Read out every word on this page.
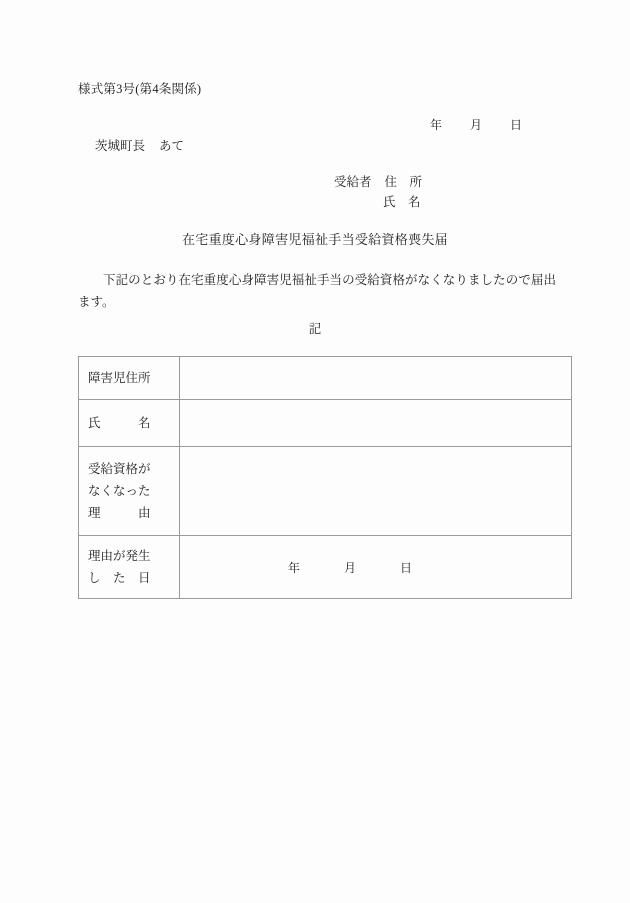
様式第3号(第4条関係)
年 月 日
茨城町長 あて
受給者 住　所
氏　名
在宅重度心身障害児福祉手当受給資格喪失届
下記のとおり在宅重度心身障害児福祉手当の受給資格がなくなりましたので届出ます。
記
障害児住所	

氏　　　名	

受給資格が
なくなった
理　　　由	

理由が発生
し　た　日	年 月 日
